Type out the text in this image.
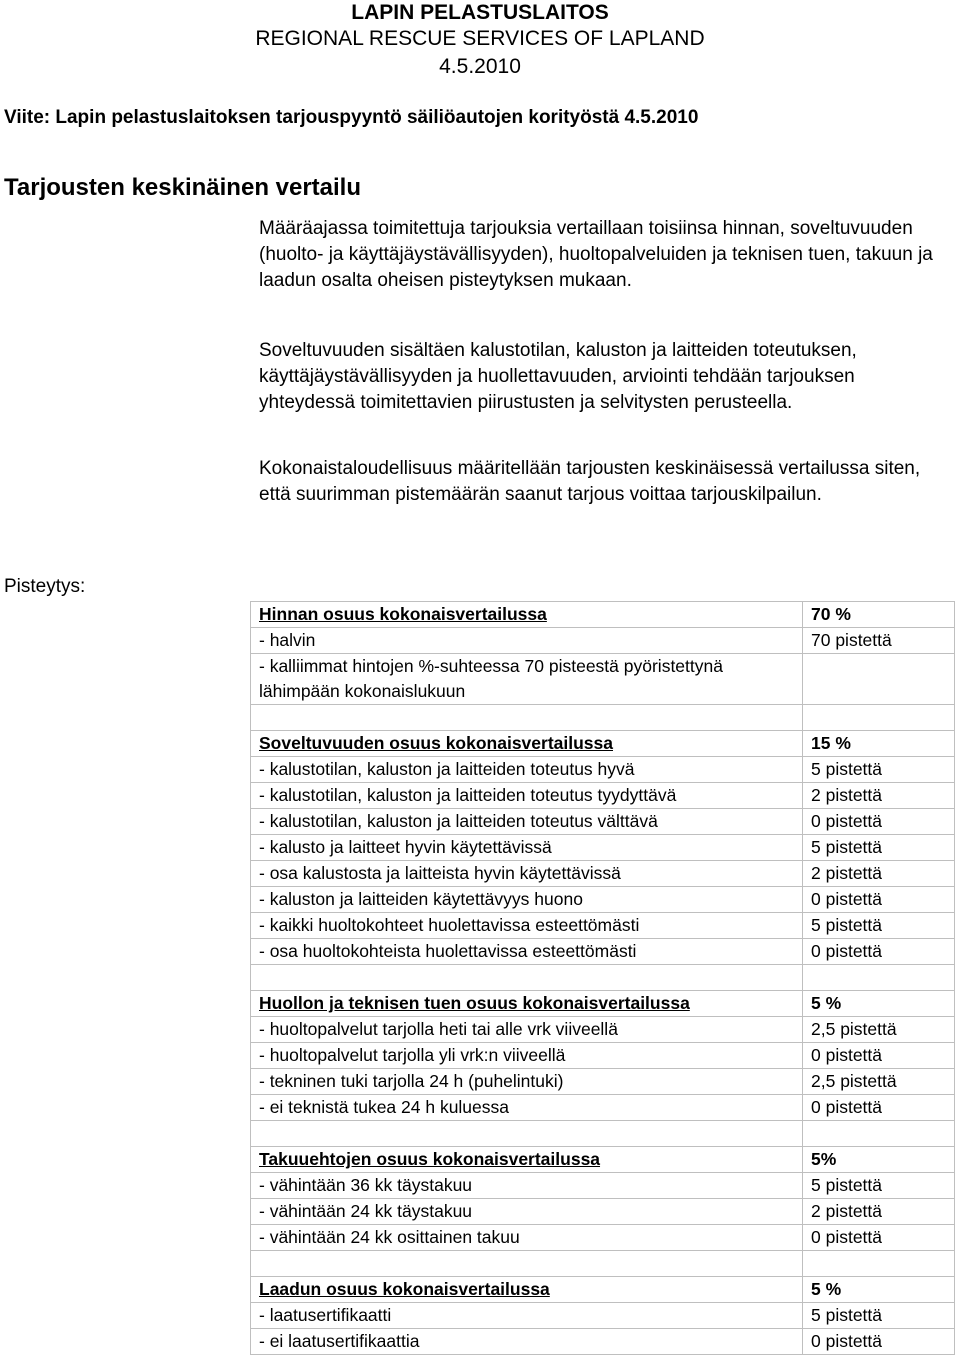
LAPIN PELASTUSLAITOS
REGIONAL RESCUE SERVICES OF LAPLAND
4.5.2010
Viite: Lapin pelastuslaitoksen tarjouspyyntö säiliöautojen korityöstä 4.5.2010
Tarjousten keskinäinen vertailu
Määräajassa toimitettuja tarjouksia vertaillaan toisiinsa hinnan, soveltuvuuden (huolto- ja käyttäjäystävällisyyden), huoltopalveluiden ja teknisen tuen, takuun ja laadun osalta oheisen pisteytyksen mukaan.
Soveltuvuuden sisältäen kalustotilan, kaluston ja laitteiden toteutuksen, käyttäjäystävällisyyden ja huollettavuuden, arviointi tehdään tarjouksen yhteydessä toimitettavien piirustusten ja selvitysten perusteella.
Kokonaistaloudellisuus määritellään tarjousten keskinäisessä vertailussa siten, että suurimman pistemäärän saanut tarjous voittaa tarjouskilpailun.
Pisteytys:
Hinnan osuus kokonaisvertailussa	70 %
- halvin	70 pistettä
- kalliimmat hintojen %-suhteessa 70 pisteestä pyöristettynä lähimpään kokonaislukuun	

Soveltuvuuden osuus kokonaisvertailussa	15 %
- kalustotilan, kaluston ja laitteiden toteutus hyvä	5 pistettä
- kalustotilan, kaluston ja laitteiden toteutus tyydyttävä	2 pistettä
- kalustotilan, kaluston ja laitteiden toteutus välttävä	0 pistettä
- kalusto ja laitteet hyvin käytettävissä	5 pistettä
- osa kalustosta ja laitteista hyvin käytettävissä	2 pistettä
- kaluston ja laitteiden käytettävyys huono	0 pistettä
- kaikki huoltokohteet huolettavissa esteettömästi	5 pistettä
- osa huoltokohteista huolettavissa esteettömästi	0 pistettä

Huollon ja teknisen tuen osuus kokonaisvertailussa	5 %
- huoltopalvelut tarjolla heti tai alle vrk viiveellä	2,5 pistettä
- huoltopalvelut tarjolla yli vrk:n viiveellä	0 pistettä
- tekninen tuki tarjolla 24 h (puhelintuki)	2,5 pistettä
- ei teknistä tukea 24 h kuluessa	0 pistettä

Takuuehtojen osuus kokonaisvertailussa	5%
- vähintään 36 kk täystakuu	5 pistettä
- vähintään 24 kk täystakuu	2 pistettä
- vähintään 24 kk osittainen takuu	0 pistettä

Laadun osuus kokonaisvertailussa	5 %
- laatusertifikaatti	5 pistettä
- ei laatusertifikaattia	0 pistettä
